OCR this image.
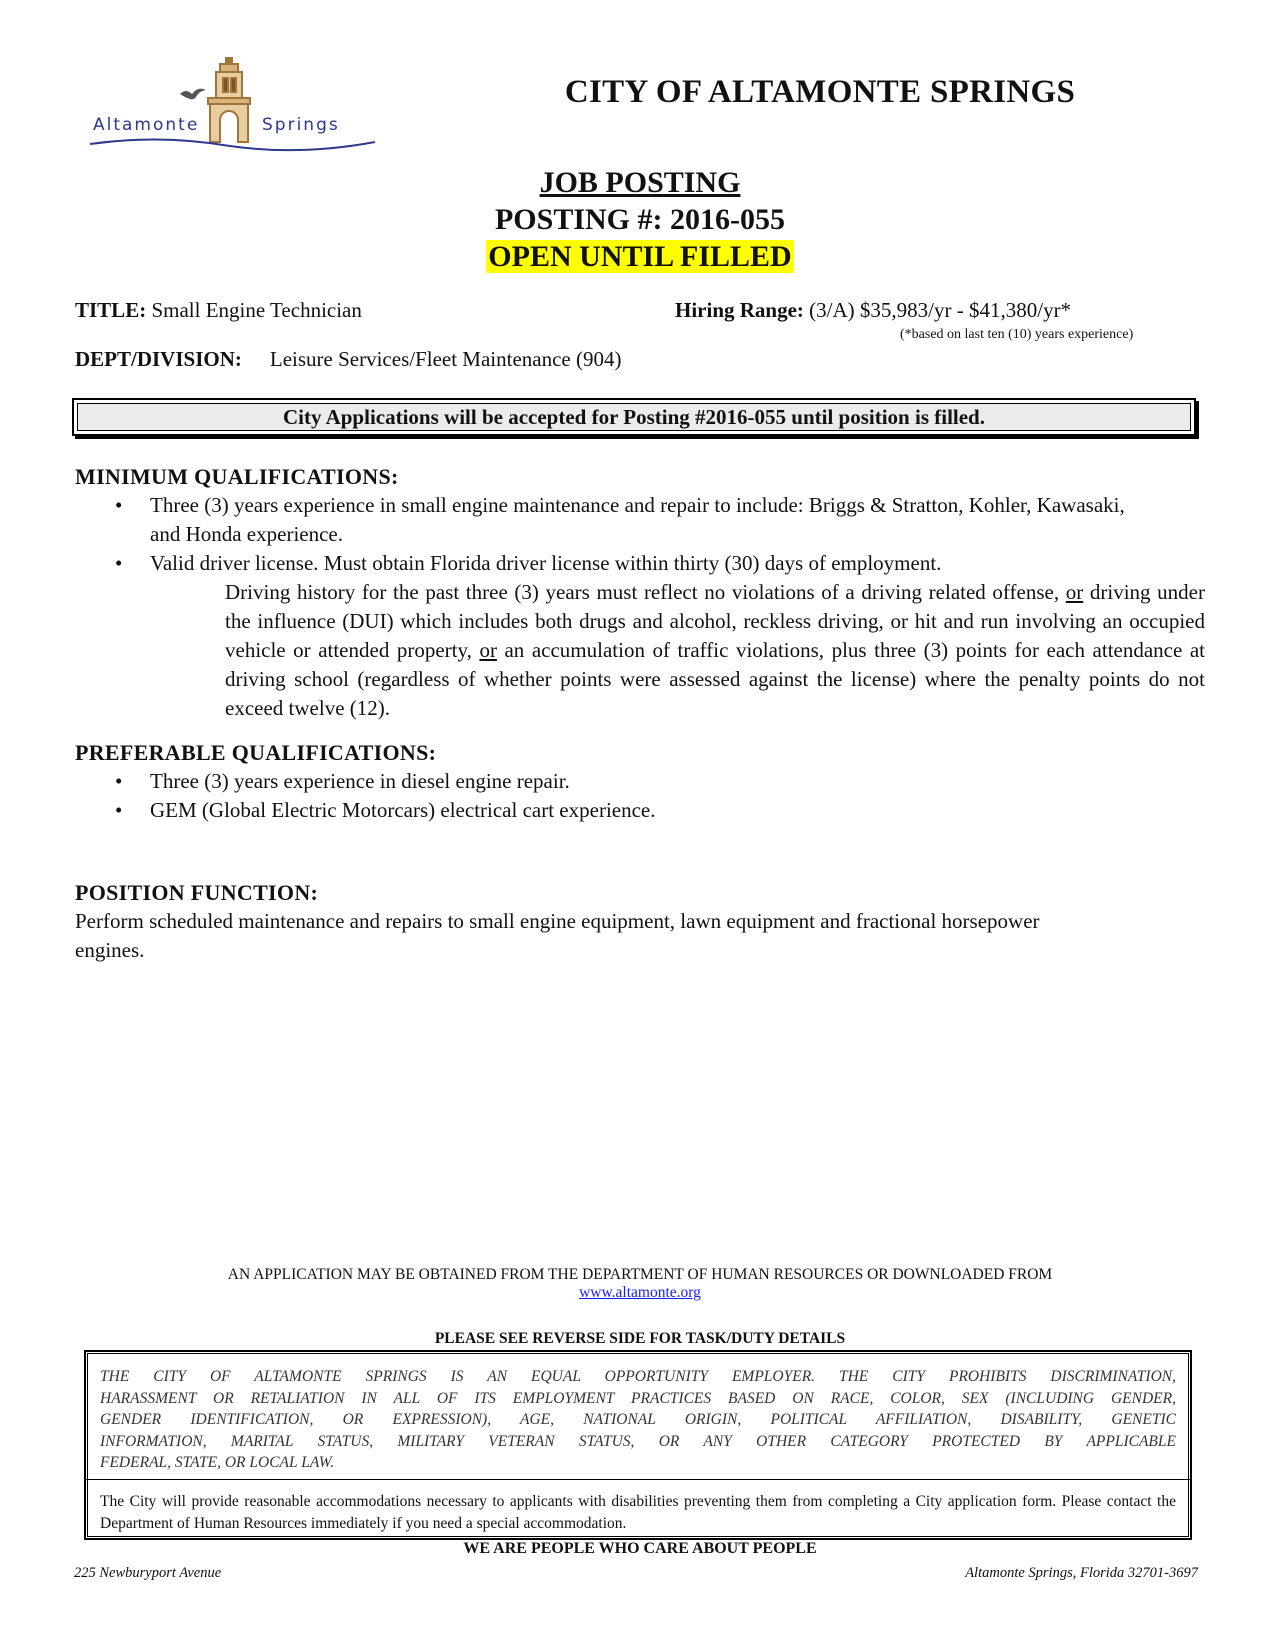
Altamonte	Springs
CITY OF ALTAMONTE SPRINGS
JOB POSTING
POSTING #: 2016-055
OPEN UNTIL FILLED
TITLE: Small Engine Technician	Hiring Range: (3/A) $35,983/yr - $41,380/yr*
(*based on last ten (10) years experience)
DEPT/DIVISION: Leisure Services/Fleet Maintenance (904)
City Applications will be accepted for Posting #2016-055 until position is filled.
MINIMUM QUALIFICATIONS:
• Three (3) years experience in small engine maintenance and repair to include: Briggs & Stratton, Kohler, Kawasaki, and Honda experience.
• Valid driver license. Must obtain Florida driver license within thirty (30) days of employment.
Driving history for the past three (3) years must reflect no violations of a driving related offense, or driving under the influence (DUI) which includes both drugs and alcohol, reckless driving, or hit and run involving an occupied vehicle or attended property, or an accumulation of traffic violations, plus three (3) points for each attendance at driving school (regardless of whether points were assessed against the license) where the penalty points do not exceed twelve (12).
PREFERABLE QUALIFICATIONS:
• Three (3) years experience in diesel engine repair.
• GEM (Global Electric Motorcars) electrical cart experience.
POSITION FUNCTION:
Perform scheduled maintenance and repairs to small engine equipment, lawn equipment and fractional horsepower engines.
AN APPLICATION MAY BE OBTAINED FROM THE DEPARTMENT OF HUMAN RESOURCES OR DOWNLOADED FROM
www.altamonte.org
PLEASE SEE REVERSE SIDE FOR TASK/DUTY DETAILS
THE CITY OF ALTAMONTE SPRINGS IS AN EQUAL OPPORTUNITY EMPLOYER. THE CITY PROHIBITS DISCRIMINATION,
HARASSMENT OR RETALIATION IN ALL OF ITS EMPLOYMENT PRACTICES BASED ON RACE, COLOR, SEX (INCLUDING GENDER,
GENDER IDENTIFICATION, OR EXPRESSION), AGE, NATIONAL ORIGIN, POLITICAL AFFILIATION, DISABILITY, GENETIC
INFORMATION, MARITAL STATUS, MILITARY VETERAN STATUS, OR ANY OTHER CATEGORY PROTECTED BY APPLICABLE
FEDERAL, STATE, OR LOCAL LAW.
The City will provide reasonable accommodations necessary to applicants with disabilities preventing them from completing a City application form. Please contact the Department of Human Resources immediately if you need a special accommodation.
WE ARE PEOPLE WHO CARE ABOUT PEOPLE
225 Newburyport Avenue	Altamonte Springs, Florida 32701-3697
